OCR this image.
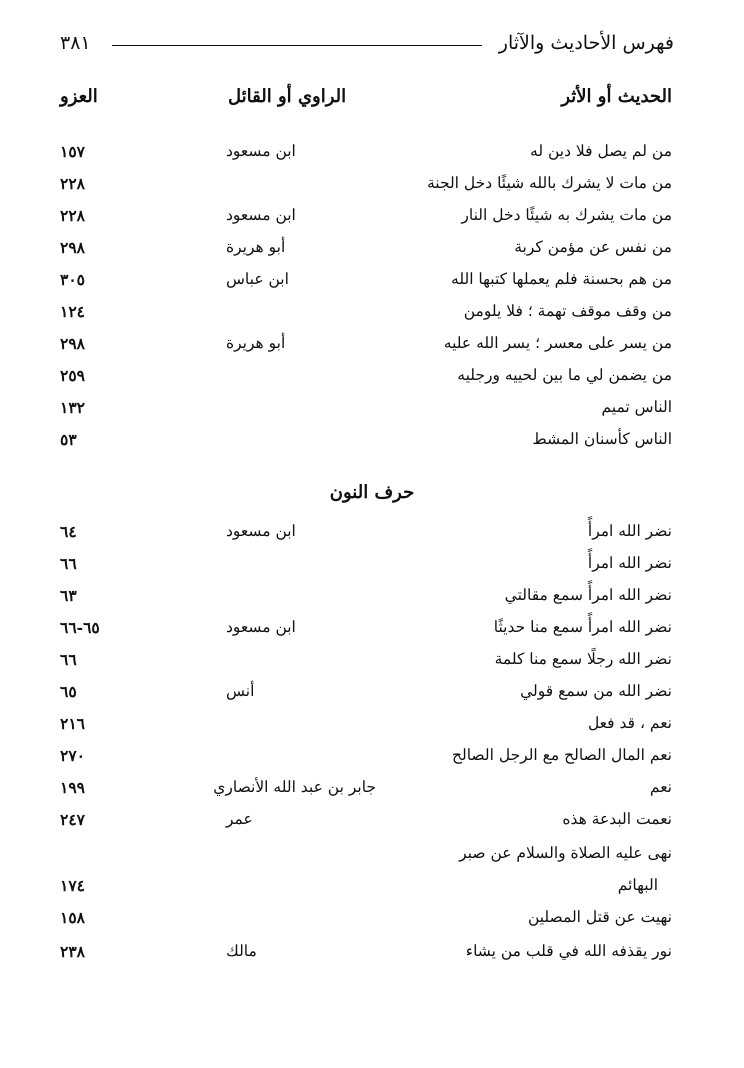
فهرس الأحاديث والآثار
٣٨١
الحديث أو الأثر
الراوي أو القائل
العزو
من لم يصل فلا دين له
ابن مسعود
١٥٧
من مات لا يشرك بالله شيئًا دخل الجنة
٢٢٨
من مات يشرك به شيئًا دخل النار
ابن مسعود
٢٢٨
من نفس عن مؤمن كربة
أبو هريرة
٢٩٨
من هم بحسنة فلم يعملها كتبها الله
ابن عباس
٣٠٥
من وقف موقف تهمة ؛ فلا يلومن
١٢٤
من يسر على معسر ؛ يسر الله عليه
أبو هريرة
٢٩٨
من يضمن لي ما بين لحييه ورجليه
٢٥٩
الناس تميم
١٣٢
الناس كأسنان المشط
٥٣
حرف النون
نضر الله امرأً
ابن مسعود
٦٤
نضر الله امرأً
٦٦
نضر الله امرأً سمع مقالتي
٦٣
نضر الله امرأً سمع منا حديثًا
ابن مسعود
٦٥-٦٦
نضر الله رجلًا سمع منا كلمة
٦٦
نضر الله من سمع قولي
أنس
٦٥
نعم ، قد فعل
٢١٦
نعم المال الصالح مع الرجل الصالح
٢٧٠
نعم
جابر بن عبد الله الأنصاري
١٩٩
نعمت البدعة هذه
عمر
٢٤٧
نهى عليه الصلاة والسلام عن صبر
البهائم
١٧٤
نهيت عن قتل المصلين
١٥٨
نور يقذفه الله في قلب من يشاء
مالك
٢٣٨
